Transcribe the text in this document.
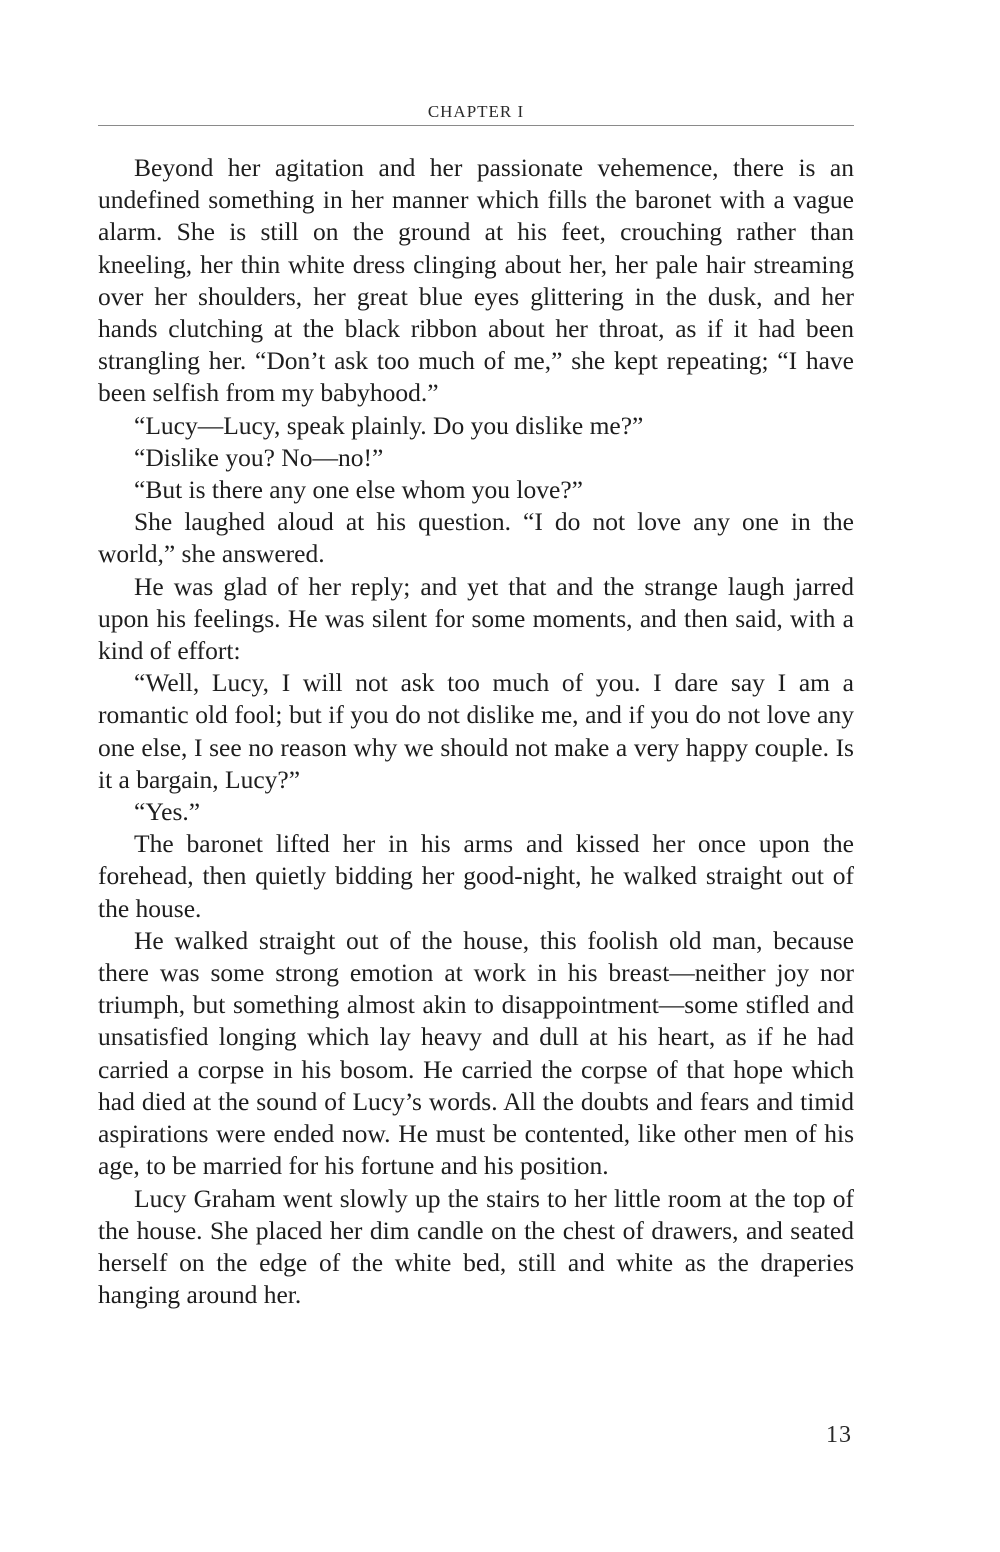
CHAPTER I

Beyond her agitation and her passionate vehemence, there is an undefined something in her manner which fills the baronet with a vague alarm. She is still on the ground at his feet, crouching rather than kneeling, her thin white dress clinging about her, her pale hair streaming over her shoulders, her great blue eyes glittering in the dusk, and her hands clutching at the black ribbon about her throat, as if it had been strangling her. “Don’t ask too much of me,” she kept repeating; “I have been selfish from my babyhood.”

“Lucy—Lucy, speak plainly. Do you dislike me?”

“Dislike you? No—no!”

“But is there any one else whom you love?”

She laughed aloud at his question. “I do not love any one in the world,” she answered.

He was glad of her reply; and yet that and the strange laugh jarred upon his feelings. He was silent for some moments, and then said, with a kind of effort:

“Well, Lucy, I will not ask too much of you. I dare say I am a romantic old fool; but if you do not dislike me, and if you do not love any one else, I see no reason why we should not make a very happy couple. Is it a bargain, Lucy?”

“Yes.”

The baronet lifted her in his arms and kissed her once upon the forehead, then quietly bidding her good-night, he walked straight out of the house.

He walked straight out of the house, this foolish old man, because there was some strong emotion at work in his breast—neither joy nor triumph, but something almost akin to disappointment—some stifled and unsatisfied longing which lay heavy and dull at his heart, as if he had carried a corpse in his bosom. He carried the corpse of that hope which had died at the sound of Lucy’s words. All the doubts and fears and timid aspirations were ended now. He must be contented, like other men of his age, to be married for his fortune and his position.

Lucy Graham went slowly up the stairs to her little room at the top of the house. She placed her dim candle on the chest of drawers, and seated herself on the edge of the white bed, still and white as the draperies hanging around her.

13
